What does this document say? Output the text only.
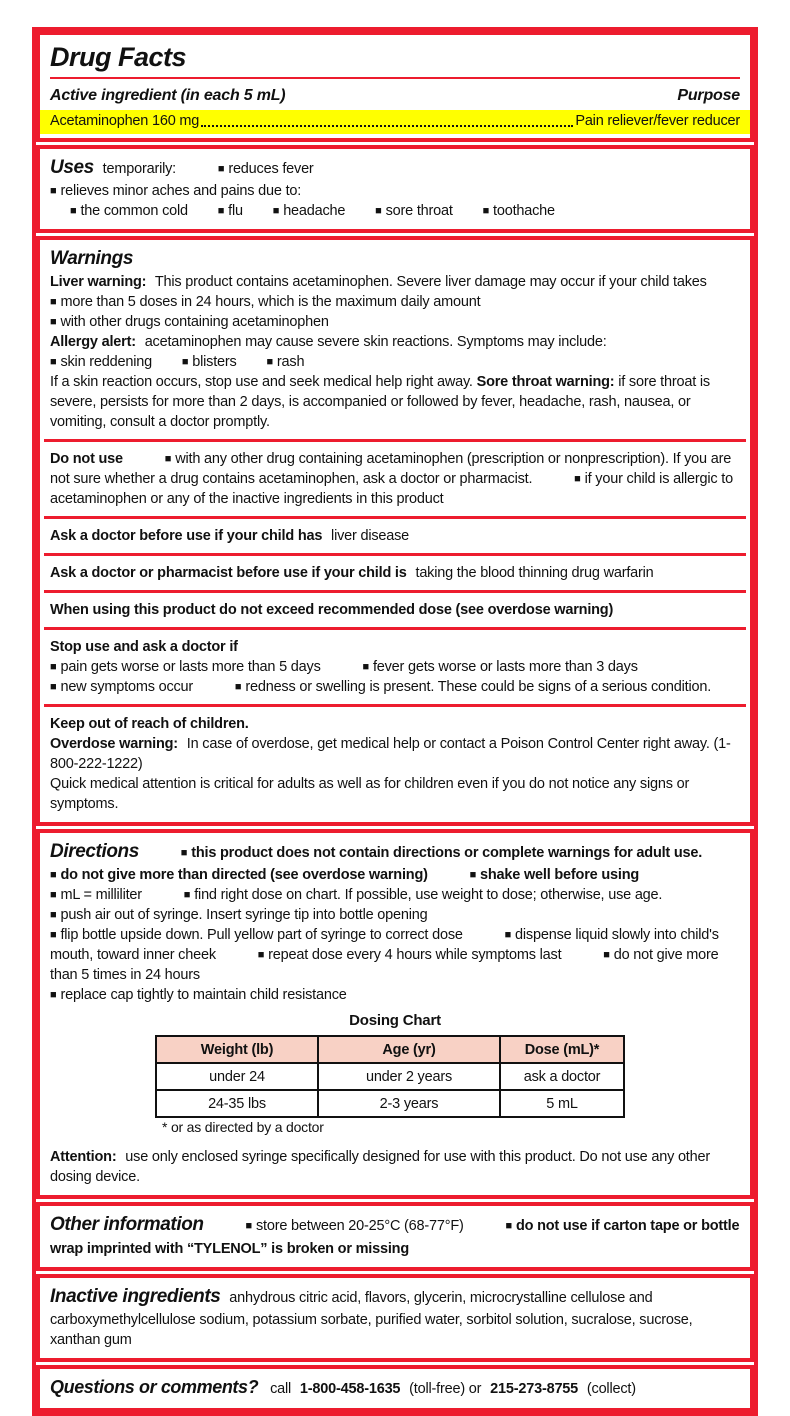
Drug Facts
Active ingredient (in each 5 mL)	Purpose
Acetaminophen 160 mg	Pain reliever/fever reducer

Uses temporarily:	■ reduces fever

■ relieves minor aches and pains due to:

■ the common cold	■ flu	■ headache	■ sore throat	■ toothache

Warnings

Liver warning: This product contains acetaminophen. Severe liver damage may occur if your child takes

■ more than 5 doses in 24 hours, which is the maximum daily amount

■ with other drugs containing acetaminophen

Allergy alert: acetaminophen may cause severe skin reactions. Symptoms may include:

■ skin reddening	■ blisters	■ rash

If a skin reaction occurs, stop use and seek medical help right away. Sore throat warning: if sore throat is severe, persists for more than 2 days, is accompanied or followed by fever, headache, rash, nausea, or vomiting, consult a doctor promptly.

Do not use	■ with any other drug containing acetaminophen (prescription or nonprescription). If you are not sure whether a drug contains acetaminophen, ask a doctor or pharmacist.	■ if your child is allergic to acetaminophen or any of the inactive ingredients in this product

Ask a doctor before use if your child has liver disease

Ask a doctor or pharmacist before use if your child is taking the blood thinning drug warfarin

When using this product do not exceed recommended dose (see overdose warning)

Stop use and ask a doctor if

■ pain gets worse or lasts more than 5 days	■ fever gets worse or lasts more than 3 days

■ new symptoms occur	■ redness or swelling is present. These could be signs of a serious condition.

Keep out of reach of children.

Overdose warning: In case of overdose, get medical help or contact a Poison Control Center right away. (1-800-222-1222)

Quick medical attention is critical for adults as well as for children even if you do not notice any signs or symptoms.

Directions	■ this product does not contain directions or complete warnings for adult use.

■ do not give more than directed (see overdose warning)	■ shake well before using

■ mL = milliliter	■ find right dose on chart. If possible, use weight to dose; otherwise, use age.

■ push air out of syringe. Insert syringe tip into bottle opening

■ flip bottle upside down. Pull yellow part of syringe to correct dose	■ dispense liquid slowly into child's mouth, toward inner cheek	■ repeat dose every 4 hours while symptoms last	■ do not give more than 5 times in 24 hours

■ replace cap tightly to maintain child resistance

Dosing Chart
Weight (lb)	Age (yr)	Dose (mL)*
under 24	under 2 years	ask a doctor
24-35 lbs	2-3 years	5 mL

* or as directed by a doctor

Attention: use only enclosed syringe specifically designed for use with this product. Do not use any other dosing device.

Other information	■ store between 20-25°C (68-77°F)	■ do not use if carton tape or bottle wrap imprinted with “TYLENOL” is broken or missing

Inactive ingredients anhydrous citric acid, flavors, glycerin, microcrystalline cellulose and carboxymethylcellulose sodium, potassium sorbate, purified water, sorbitol solution, sucralose, sucrose, xanthan gum

Questions or comments? call 1-800-458-1635 (toll-free) or 215-273-8755 (collect)
